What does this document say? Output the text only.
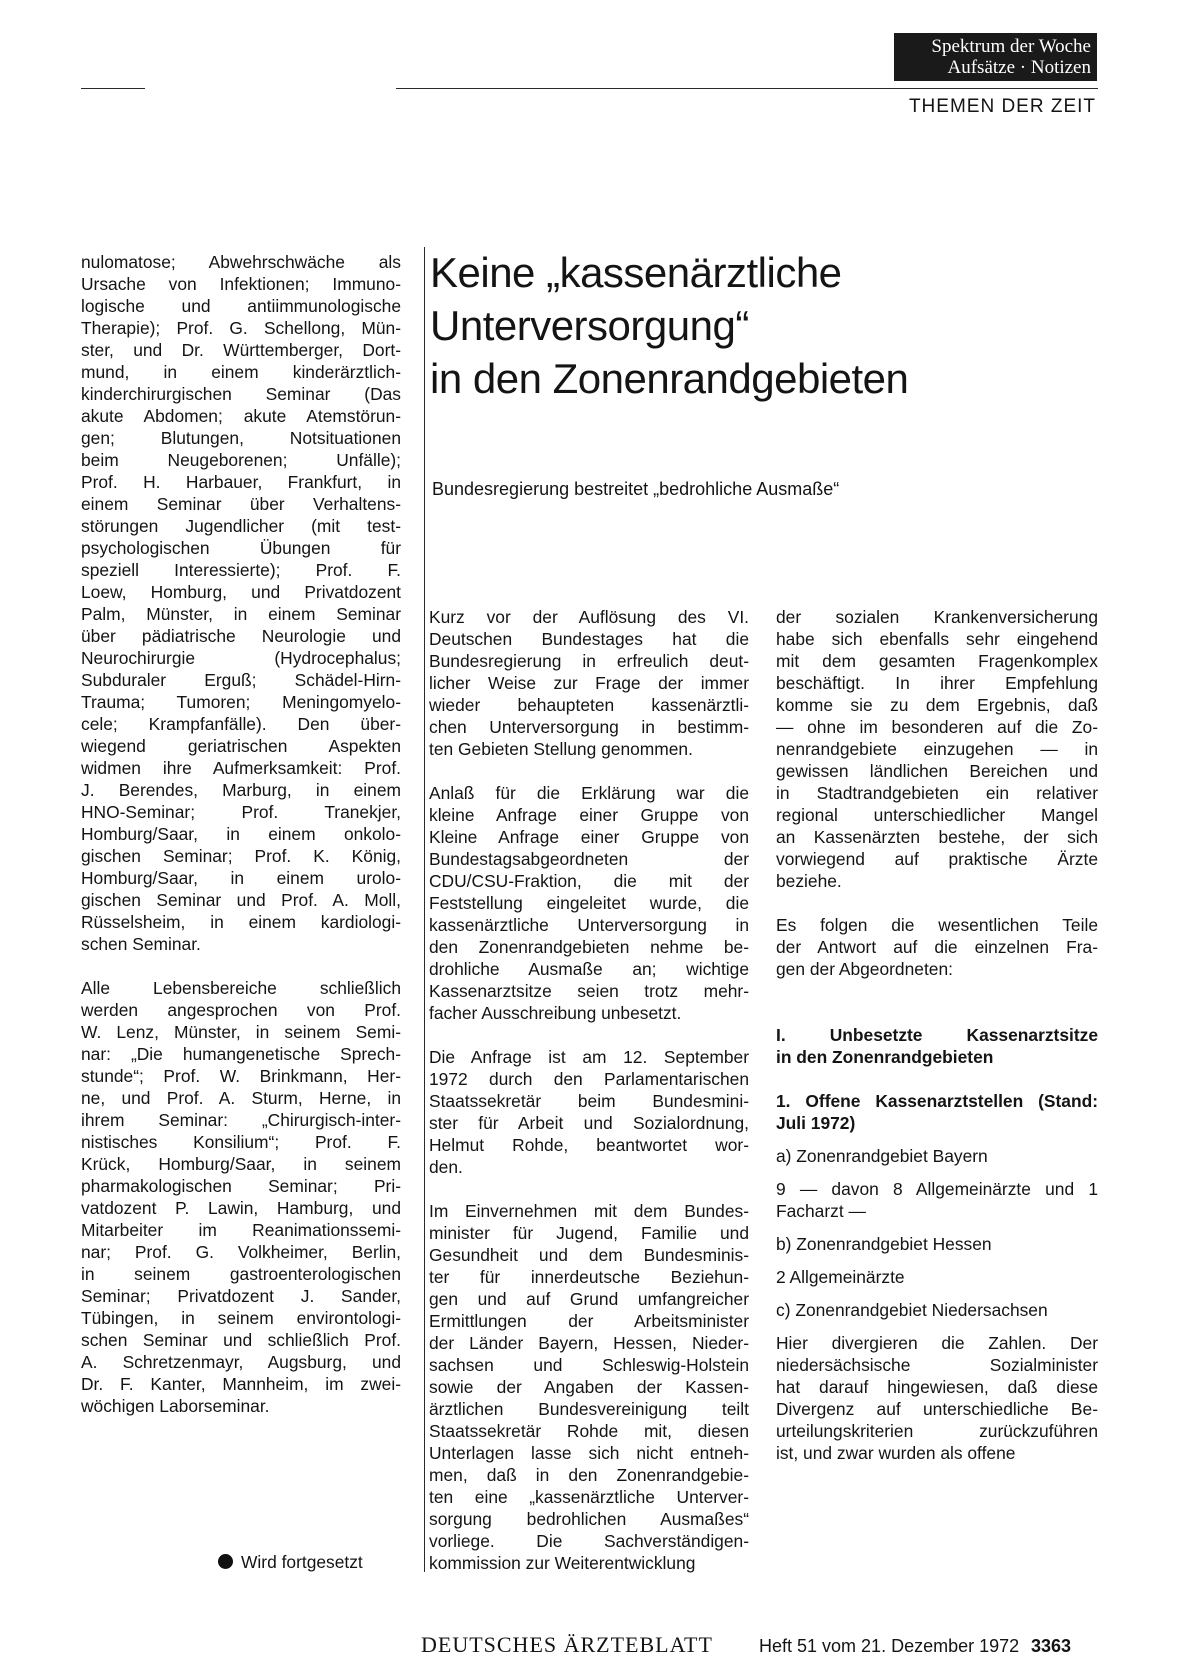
Spektrum der Woche
Aufsätze · Notizen
THEMEN DER ZEIT
Keine „kassenärztliche
Unterversorgung“
in den Zonenrandgebieten
Bundesregierung bestreitet „bedrohliche Ausmaße“
nulomatose; Abwehrschwäche als
Ursache von Infektionen; Immuno-
logische und antiimmunologische
Therapie); Prof. G. Schellong, Mün-
ster, und Dr. Württemberger, Dort-
mund, in einem kinderärztlich-
kinderchirurgischen Seminar (Das
akute Abdomen; akute Atemstörun-
gen; Blutungen, Notsituationen
beim Neugeborenen; Unfälle);
Prof. H. Harbauer, Frankfurt, in
einem Seminar über Verhaltens-
störungen Jugendlicher (mit test-
psychologischen Übungen für
speziell Interessierte); Prof. F.
Loew, Homburg, und Privatdozent
Palm, Münster, in einem Seminar
über pädiatrische Neurologie und
Neurochirurgie (Hydrocephalus;
Subduraler Erguß; Schädel-Hirn-
Trauma; Tumoren; Meningomyelo-
cele; Krampfanfälle). Den über-
wiegend geriatrischen Aspekten
widmen ihre Aufmerksamkeit: Prof.
J. Berendes, Marburg, in einem
HNO-Seminar; Prof. Tranekjer,
Homburg/Saar, in einem onkolo-
gischen Seminar; Prof. K. König,
Homburg/Saar, in einem urolo-
gischen Seminar und Prof. A. Moll,
Rüsselsheim, in einem kardiologi-
schen Seminar.
Alle Lebensbereiche schließlich
werden angesprochen von Prof.
W. Lenz, Münster, in seinem Semi-
nar: „Die humangenetische Sprech-
stunde“; Prof. W. Brinkmann, Her-
ne, und Prof. A. Sturm, Herne, in
ihrem Seminar: „Chirurgisch-inter-
nistisches Konsilium“; Prof. F.
Krück, Homburg/Saar, in seinem
pharmakologischen Seminar; Pri-
vatdozent P. Lawin, Hamburg, und
Mitarbeiter im Reanimationssemi-
nar; Prof. G. Volkheimer, Berlin,
in seinem gastroenterologischen
Seminar; Privatdozent J. Sander,
Tübingen, in seinem environtologi-
schen Seminar und schließlich Prof.
A. Schretzenmayr, Augsburg, und
Dr. F. Kanter, Mannheim, im zwei-
wöchigen Laborseminar.
Kurz vor der Auflösung des VI.
Deutschen Bundestages hat die
Bundesregierung in erfreulich deut-
licher Weise zur Frage der immer
wieder behaupteten kassenärztli-
chen Unterversorgung in bestimm-
ten Gebieten Stellung genommen.
Anlaß für die Erklärung war die
kleine Anfrage einer Gruppe von
Kleine Anfrage einer Gruppe von
Bundestagsabgeordneten der
CDU/CSU-Fraktion, die mit der
Feststellung eingeleitet wurde, die
kassenärztliche Unterversorgung in
den Zonenrandgebieten nehme be-
drohliche Ausmaße an; wichtige
Kassenarztsitze seien trotz mehr-
facher Ausschreibung unbesetzt.
Die Anfrage ist am 12. September
1972 durch den Parlamentarischen
Staatssekretär beim Bundesmini-
ster für Arbeit und Sozialordnung,
Helmut Rohde, beantwortet wor-
den.
Im Einvernehmen mit dem Bundes-
minister für Jugend, Familie und
Gesundheit und dem Bundesminis-
ter für innerdeutsche Beziehun-
gen und auf Grund umfangreicher
Ermittlungen der Arbeitsminister
der Länder Bayern, Hessen, Nieder-
sachsen und Schleswig-Holstein
sowie der Angaben der Kassen-
ärztlichen Bundesvereinigung teilt
Staatssekretär Rohde mit, diesen
Unterlagen lasse sich nicht entneh-
men, daß in den Zonenrandgebie-
ten eine „kassenärztliche Unterver-
sorgung bedrohlichen Ausmaßes“
vorliege. Die Sachverständigen-
kommission zur Weiterentwicklung
der sozialen Krankenversicherung
habe sich ebenfalls sehr eingehend
mit dem gesamten Fragenkomplex
beschäftigt. In ihrer Empfehlung
komme sie zu dem Ergebnis, daß
— ohne im besonderen auf die Zo-
nenrandgebiete einzugehen — in
gewissen ländlichen Bereichen und
in Stadtrandgebieten ein relativer
regional unterschiedlicher Mangel
an Kassenärzten bestehe, der sich
vorwiegend auf praktische Ärzte
beziehe.
Es folgen die wesentlichen Teile
der Antwort auf die einzelnen Fra-
gen der Abgeordneten:
I. Unbesetzte Kassenarztsitze
in den Zonenrandgebieten
1. Offene Kassenarztstellen (Stand:
Juli 1972)
a) Zonenrandgebiet Bayern
9 — davon 8 Allgemeinärzte und 1
Facharzt —
b) Zonenrandgebiet Hessen
2 Allgemeinärzte
c) Zonenrandgebiet Niedersachsen
Hier divergieren die Zahlen. Der
niedersächsische Sozialminister
hat darauf hingewiesen, daß diese
Divergenz auf unterschiedliche Be-
urteilungskriterien zurückzuführen
ist, und zwar wurden als offene
Wird fortgesetzt
DEUTSCHES ÄRZTEBLATT	Heft 51 vom 21. Dezember 1972 3363
